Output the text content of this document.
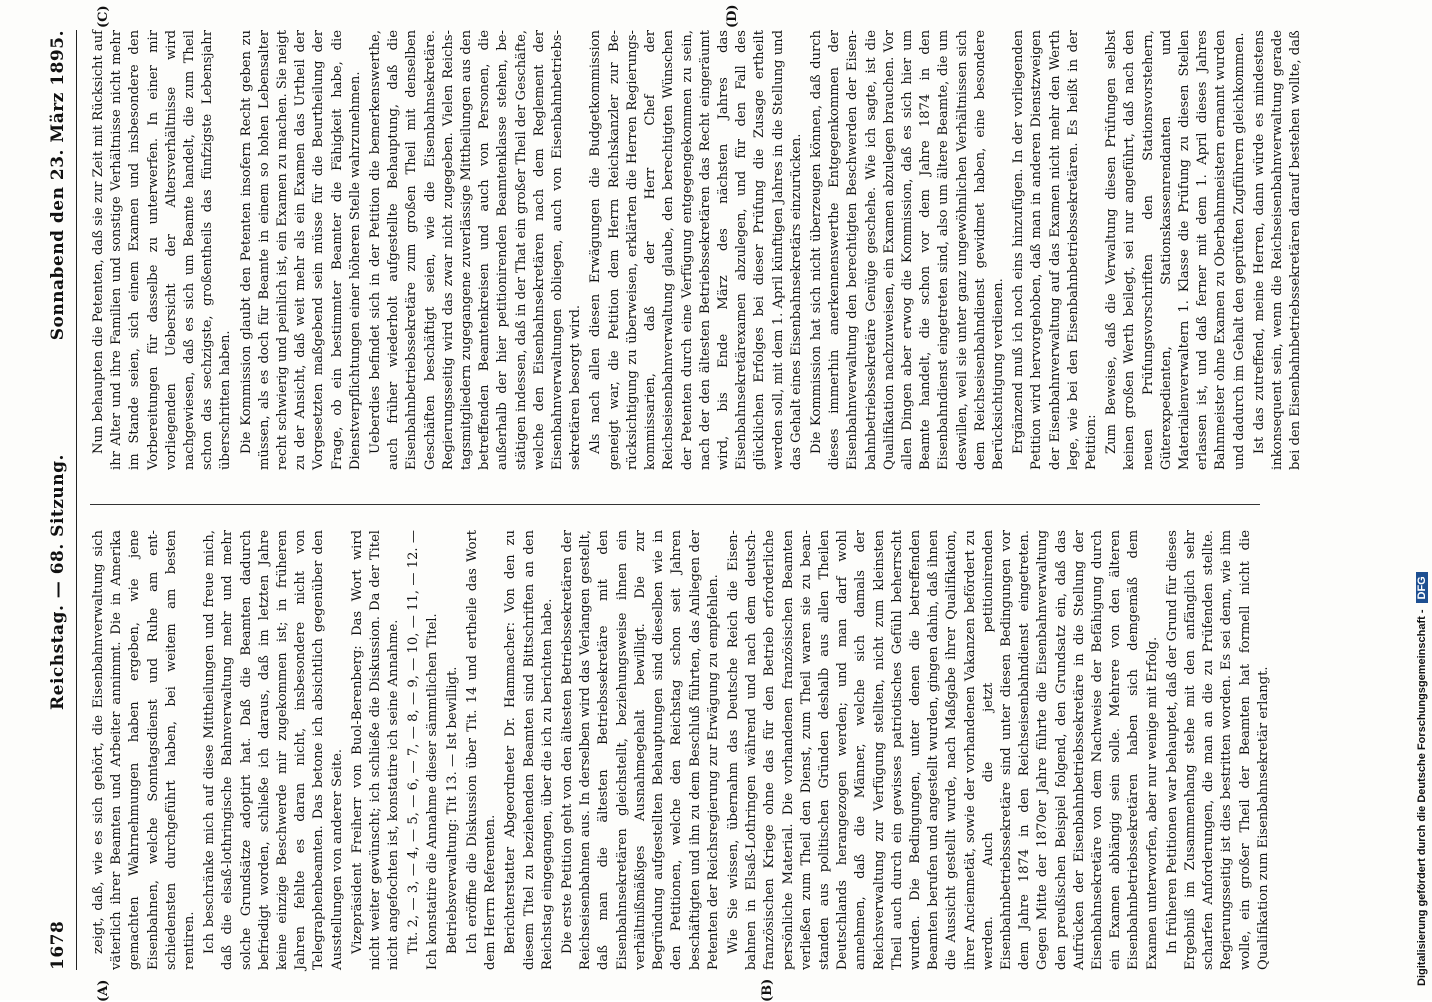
1678
Reichstag. — 68. Sitzung.
Sonnabend den 23. März 1895.
(A)	(B)
(C)	(D)

zeigt, daß, wie es sich gehört, die Eisenbahnverwaltung sich väterlich ihrer Beamten und Arbeiter annimmt. Die in Amerika gemachten Wahrnehmungen haben ergeben, wie jene Eisenbahnen, welche Sonntagsdienst und Ruhe am entschiedensten durchgeführt haben, bei weitem am besten rentiren. Ich beschränke mich auf diese Mittheilungen und freue mich, daß die elsaß-lothringische Bahnverwaltung mehr und mehr solche Grundsätze adoptirt hat. Daß die Beamten dadurch befriedigt worden, schließe ich daraus, daß im letzten Jahre keine einzige Beschwerde mir zugekommen ist; in früheren Jahren fehlte es daran nicht, insbesondere nicht von Telegraphenbeamten. Das betone ich absichtlich gegenüber den Ausstellungen von anderer Seite. Vizepräsident Freiherr von Buol-Berenberg: Das Wort wird nicht weiter gewünscht; ich schließe die Diskussion. Da der Titel nicht angefochten ist, konstatire ich seine Annahme. Tit. 2, — 3, — 4, — 5, — 6, — 7, — 8, — 9, — 10, — 11, — 12. — Ich konstatire die Annahme dieser sämmtlichen Titel. Betriebsverwaltung: Tit 13. — Ist bewilligt. Ich eröffne die Diskussion über Tit. 14 und ertheile das Wort dem Herrn Referenten. Berichterstatter Abgeordneter Dr. Hammacher: Von den zu diesem Titel zu beziehenden Beamten sind Bittschriften an den Reichstag eingegangen, über die ich zu berichten habe. Die erste Petition geht von den ältesten Betriebssekretären der Reichseisenbahnen aus. In derselben wird das Verlangen gestellt, daß man die ältesten Betriebssekretäre mit den Eisenbahnsekretären gleichstellt, beziehungsweise ihnen ein verhältnißmäßiges Ausnahmegehalt bewilligt. Die zur Begründung aufgestellten Behauptungen sind dieselben wie in den Petitionen, welche den Reichstag schon seit Jahren beschäftigten und ihn zu dem Beschluß führten, das Anliegen der Petenten der Reichsregierung zur Erwägung zu empfehlen. Wie Sie wissen, übernahm das Deutsche Reich die Eisenbahnen in Elsaß-Lothringen während und nach dem deutsch-französischen Kriege ohne das für den Betrieb erforderliche persönliche Material. Die vorhandenen französischen Beamten verließen zum Theil den Dienst, zum Theil waren sie zu beanstanden aus politischen Gründen deshalb aus allen Theilen Deutschlands herangezogen werden; und man darf wohl annehmen, daß die Männer, welche sich damals der Reichsverwaltung zur Verfügung stellten, nicht zum kleinsten Theil auch durch ein gewisses patriotisches Gefühl beherrscht wurden. Die Bedingungen, unter denen die betreffenden Beamten berufen und angestellt wurden, gingen dahin, daß ihnen die Aussicht gestellt wurde, nach Maßgabe ihrer Qualifikation, ihrer Anciennetät, sowie der vorhandenen Vakanzen befördert zu werden. Auch die jetzt petitionirenden Eisenbahnbetriebssekretäre sind unter diesen Bedingungen vor dem Jahre 1874 in den Reichseisenbahndienst eingetreten. Gegen Mitte der 1870er Jahre führte die Eisenbahnverwaltung den preußischen Beispiel folgend, den Grundsatz ein, daß das Aufrücken der Eisenbahnbetriebssekretäre in die Stellung der Eisenbahnsekretäre von dem Nachweise der Befähigung durch ein Examen abhängig sein solle. Mehrere von den älteren Eisenbahnbetriebssekretären haben sich demgemäß dem Examen unterworfen, aber nur wenige mit Erfolg. In früheren Petitionen war behauptet, daß der Grund für dieses Ergebniß im Zusammenhang stehe mit den anfänglich sehr scharfen Anforderungen, die man an die zu Prüfenden stellte. Regierungsseitig ist dies bestritten worden. Es sei denn, wie ihm wolle, ein großer Theil der Beamten hat formell nicht die Qualifikation zum Eisenbahnsekretär erlangt.

Nun behaupten die Petenten, daß sie zur Zeit mit Rücksicht auf ihr Alter und ihre Familien und sonstige Verhältnisse nicht mehr im Stande seien, sich einem Examen und insbesondere den Vorbereitungen für dasselbe zu unterwerfen. In einer mir vorliegenden Uebersicht der Altersverhältnisse wird nachgewiesen, daß es sich um Beamte handelt, die zum Theil schon das sechzigste, großentheils das fünfzigste Lebensjahr überschritten haben. Die Kommission glaubt den Petenten insofern Recht geben zu müssen, als es doch für Beamte in einem so hohen Lebensalter recht schwierig und peinlich ist, ein Examen zu machen. Sie neigt zu der Ansicht, daß weit mehr als ein Examen das Urtheil der Vorgesetzten maßgebend sein müsse für die Beurtheilung der Frage, ob ein bestimmter Beamter die Fähigkeit habe, die Dienstverpflichtungen einer höheren Stelle wahrzunehmen. Ueberdies befindet sich in der Petition die bemerkenswerthe, auch früher wiederholt aufgestellte Behauptung, daß die Eisenbahnbetriebssekretäre zum großen Theil mit denselben Geschäften beschäftigt seien, wie die Eisenbahnsekretäre. Regierungsseitig wird das zwar nicht zugegeben. Vielen Reichstagsmitgliedern zugegangene zuverlässige Mittheilungen aus den betreffenden Beamtenkreisen und auch von Personen, die außerhalb der hier petitionirenden Beamtenklasse stehen, bestätigen indessen, daß in der That ein großer Theil der Geschäfte, welche den Eisenbahnsekretären nach dem Reglement der Eisenbahnverwaltungen obliegen, auch von Eisenbahnbetriebssekretären besorgt wird. Als nach allen diesen Erwägungen die Budgetkommission geneigt war, die Petition dem Herrn Reichskanzler zur Berücksichtigung zu überweisen, erklärten die Herren Regierungskommissarien, daß der Herr Chef der Reichseisenbahnverwaltung glaube, den berechtigten Wünschen der Petenten durch eine Verfügung entgegengekommen zu sein, nach der den ältesten Betriebssekretären das Recht eingeräumt wird, bis Ende März des nächsten Jahres das Eisenbahnsekretärexamen abzulegen, und für den Fall des glücklichen Erfolges bei dieser Prüfung die Zusage ertheilt werden soll, mit dem 1. April künftigen Jahres in die Stellung und das Gehalt eines Eisenbahnsekretärs einzurücken. Die Kommission hat sich nicht überzeugen können, daß durch dieses immerhin anerkennenswerthe Entgegenkommen der Eisenbahnverwaltung den berechtigten Beschwerden der Eisenbahnbetriebssekretäre Genüge geschehe. Wie ich sagte, ist die Qualifikation nachzuweisen, ein Examen abzulegen brauchen. Vor allen Dingen aber erwog die Kommission, daß es sich hier um Beamte handelt, die schon vor dem Jahre 1874 in den Eisenbahndienst eingetreten sind, also um ältere Beamte, die um deswillen, weil sie unter ganz ungewöhnlichen Verhältnissen sich dem Reichseisenbahndienst gewidmet haben, eine besondere Berücksichtigung verdienen. Ergänzend muß ich noch eins hinzufügen. In der vorliegenden Petition wird hervorgehoben, daß man in anderen Dienstzweigen der Eisenbahnverwaltung auf das Examen nicht mehr den Werth lege, wie bei den Eisenbahnbetriebssekretären. Es heißt in der Petition: Zum Beweise, daß die Verwaltung diesen Prüfungen selbst keinen großen Werth beilegt, sei nur angeführt, daß nach den neuen Prüfungsvorschriften den Stationsvorstehern, Güterexpedienten, Stationskassenrendanten und Materialienverwaltern 1. Klasse die Prüfung zu diesen Stellen erlassen ist, und daß ferner mit dem 1. April dieses Jahres Bahnmeister ohne Examen zu Oberbahnmeistern ernannt wurden und dadurch im Gehalt den geprüften Zugführern gleichkommen. Ist das zutreffend, meine Herren, dann würde es mindestens inkonsequent sein, wenn die Reichseisenbahnverwaltung gerade bei den Eisenbahnbetriebssekretären darauf bestehen wollte, daß

Digitalisierung gefördert durch die Deutsche Forschungsgemeinschaft -DFG
